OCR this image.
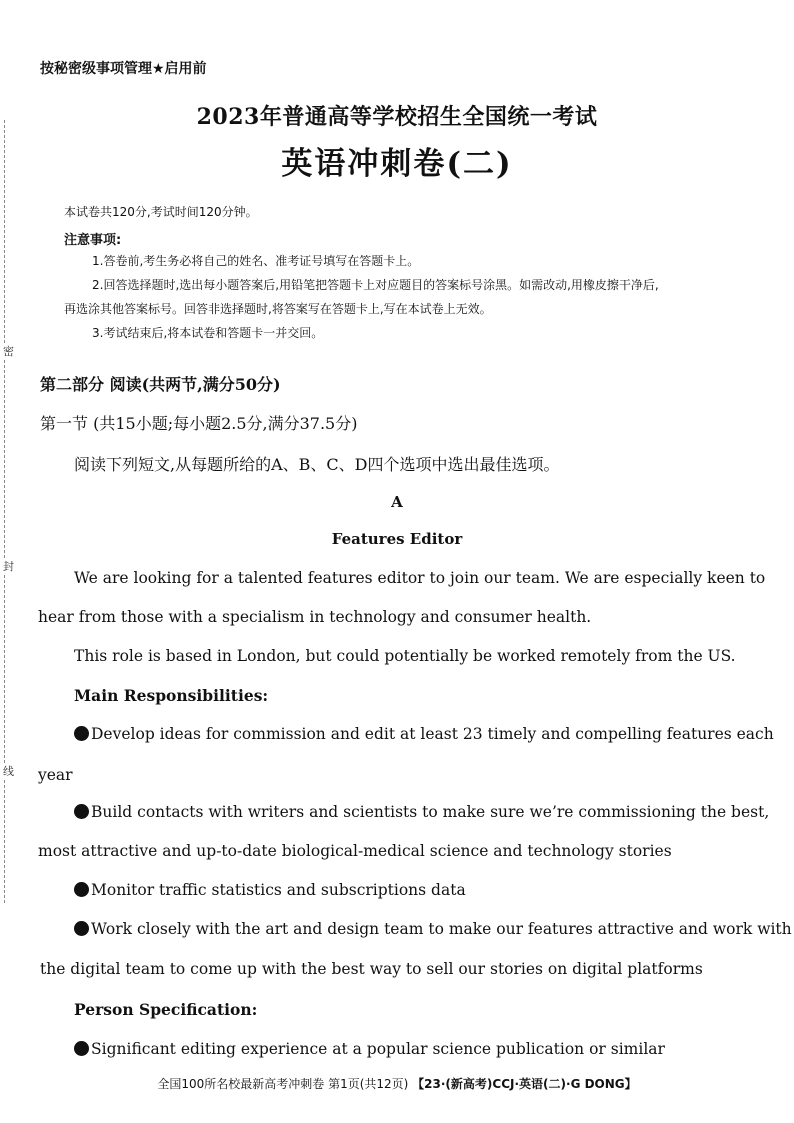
密
封
线
按秘密级事项管理★启用前
2023年普通高等学校招生全国统一考试
英语冲刺卷(二)
本试卷共120分,考试时间120分钟。
注意事项:
1.答卷前,考生务必将自己的姓名、准考证号填写在答题卡上。
2.回答选择题时,选出每小题答案后,用铅笔把答题卡上对应题目的答案标号涂黑。如需改动,用橡皮擦干净后,
再选涂其他答案标号。回答非选择题时,将答案写在答题卡上,写在本试卷上无效。
3.考试结束后,将本试卷和答题卡一并交回。
第二部分 阅读(共两节,满分50分)
第一节 (共15小题;每小题2.5分,满分37.5分)
阅读下列短文,从每题所给的A、B、C、D四个选项中选出最佳选项。
A
Features Editor
We are looking for a talented features editor to join our team. We are especially keen to
hear from those with a specialism in technology and consumer health.
This role is based in London, but could potentially be worked remotely from the US.
Main Responsibilities:
Develop ideas for commission and edit at least 23 timely and compelling features each
year
Build contacts with writers and scientists to make sure we’re commissioning the best,
most attractive and up-to-date biological-medical science and technology stories
Monitor traffic statistics and subscriptions data
Work closely with the art and design team to make our features attractive and work with
the digital team to come up with the best way to sell our stories on digital platforms
Person Specification:
Significant editing experience at a popular science publication or similar
全国100所名校最新高考冲刺卷 第1页(共12页) 【23·(新高考)CCJ·英语(二)·G DONG】
